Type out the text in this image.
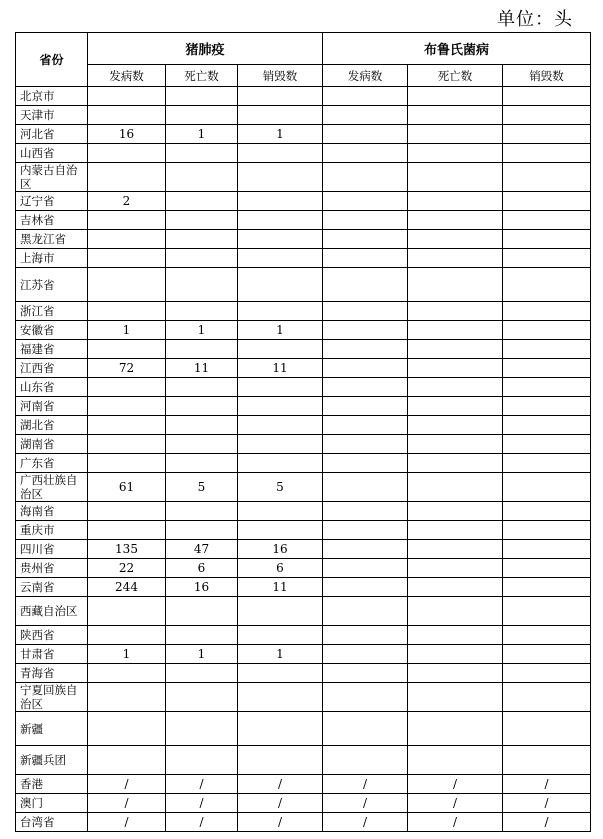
单位：头
省份	猪肺疫			布鲁氏菌病		
	发病数	死亡数	销毁数	发病数	死亡数	销毁数
北京市						
天津市						
河北省	16	1	1			
山西省						
内蒙古自治区						
辽宁省	2					
吉林省						
黑龙江省						
上海市						
江苏省						
浙江省						
安徽省	1	1	1			
福建省						
江西省	72	11	11			
山东省						
河南省						
湖北省						
湖南省						
广东省						
广西壮族自治区	61	5	5			
海南省						
重庆市						
四川省	135	47	16			
贵州省	22	6	6			
云南省	244	16	11			
西藏自治区						
陕西省						
甘肃省	1	1	1			
青海省						
宁夏回族自治区						
新疆						
新疆兵团						
香港	/	/	/	/	/	/
澳门	/	/	/	/	/	/
台湾省	/	/	/	/	/	/
